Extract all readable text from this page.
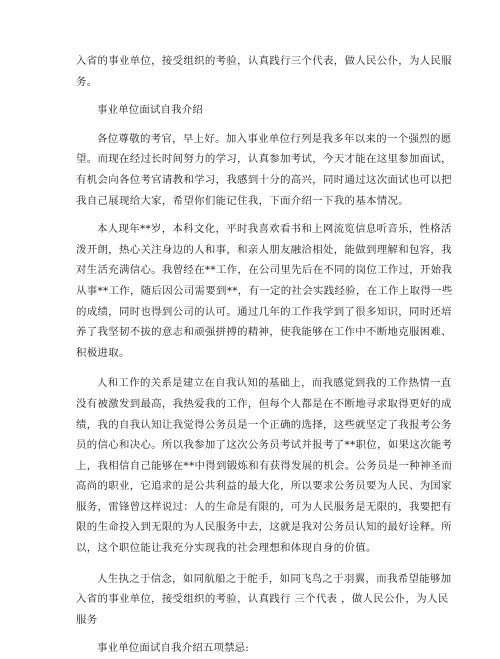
入省的事业单位，接受组织的考验，认真践行三个代表，做人民公仆，为人民服

务。

事业单位面试自我介绍

各位尊敬的考官，早上好。加入事业单位行列是我多年以来的一个强烈的愿

望。而现在经过长时间努力的学习，认真参加考试，今天才能在这里参加面试，

有机会向各位考官请教和学习，我感到十分的高兴，同时通过这次面试也可以把

我自己展现给大家，希望你们能记住我，下面介绍一下我的基本情况。

本人现年**岁，本科文化，平时我喜欢看书和上网流览信息听音乐，性格活

泼开朗，热心关注身边的人和事，和亲人朋友融洽相处，能做到理解和包容，我

对生活充满信心。我曾经在**工作，在公司里先后在不同的岗位工作过，开始我

从事**工作，随后因公司需要到**，有一定的社会实践经验，在工作上取得一些

的成绩，同时也得到公司的认可。通过几年的工作我学到了很多知识，同时还培

养了我坚韧不拔的意志和顽强拼搏的精神，使我能够在工作中不断地克服困难、

积极进取。

人和工作的关系是建立在自我认知的基础上，而我感觉到我的工作热情一直

没有被激发到最高，我热爱我的工作，但每个人都是在不断地寻求取得更好的成

绩，我的自我认知让我觉得公务员是一个正确的选择，这些就坚定了我报考公务

员的信心和决心。所以我参加了这次公务员考试并报考了**职位，如果这次能考

上，我相信自己能够在**中得到锻炼和有获得发展的机会。公务员是一种神圣而

高尚的职业，它追求的是公共利益的最大化，所以要求公务员要为人民、为国家

服务，雷锋曾这样说过：人的生命是有限的，可为人民服务是无限的，我要把有

限的生命投入到无限的为人民服务中去，这就是我对公务员认知的最好诠释。所

以，这个职位能让我充分实现我的社会理想和体现自身的价值。

人生执之于信念，如同航船之于舵手，如同飞鸟之于羽翼，而我希望能够加

入省的事业单位，接受组织的考验，认真践行 三个代表 ，做人民公仆，为人民

服务

事业单位面试自我介绍五项禁忌:
